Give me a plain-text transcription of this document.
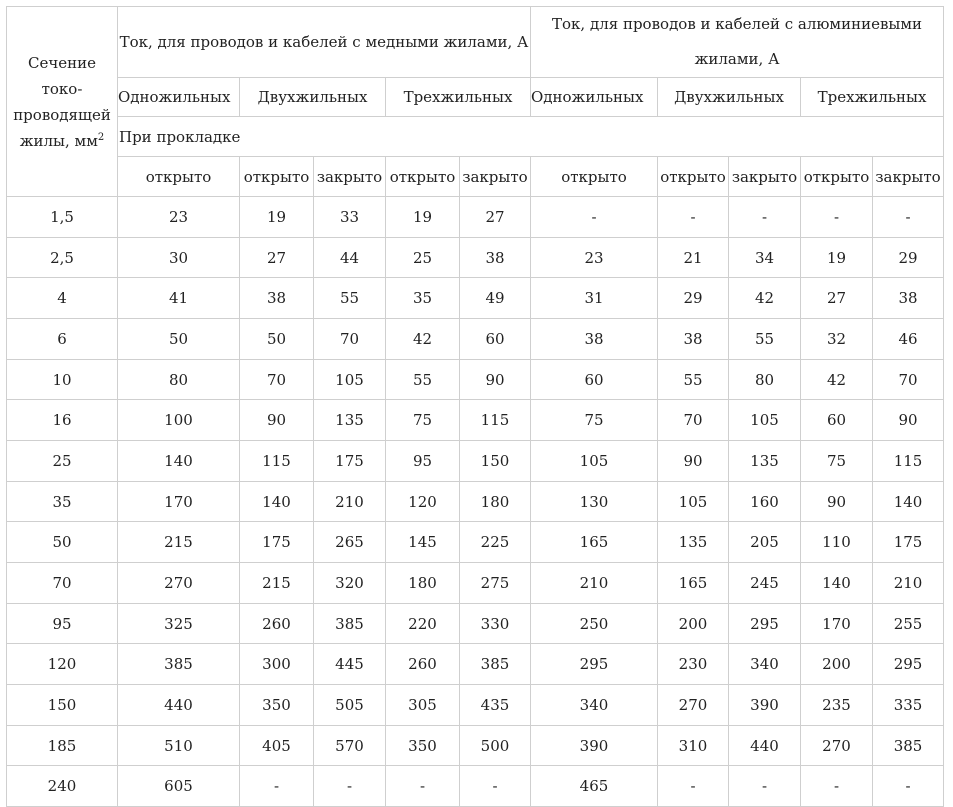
Сечение токо-проводящей жилы, $мм^2$	Ток, для проводов и кабелей с медными жилами, А					Ток, для проводов и кабелей с алюминиевыми жилами, А				

	Одножильных	Двухжильных		Трехжильных		Одножильных	Двухжильных		Трехжильных	
	При прокладке									
	открыто	открыто	закрыто	открыто	закрыто	открыто	открыто	закрыто	открыто	закрыто
1,5	23	19	33	19	27	-	-	-	-	-
2,5	30	27	44	25	38	23	21	34	19	29
4	41	38	55	35	49	31	29	42	27	38
6	50	50	70	42	60	38	38	55	32	46
10	80	70	105	55	90	60	55	80	42	70
16	100	90	135	75	115	75	70	105	60	90
25	140	115	175	95	150	105	90	135	75	115
35	170	140	210	120	180	130	105	160	90	140
50	215	175	265	145	225	165	135	205	110	175
70	270	215	320	180	275	210	165	245	140	210
95	325	260	385	220	330	250	200	295	170	255
120	385	300	445	260	385	295	230	340	200	295
150	440	350	505	305	435	340	270	390	235	335
185	510	405	570	350	500	390	310	440	270	385
240	605	-	-	-	-	465	-	-	-	-
